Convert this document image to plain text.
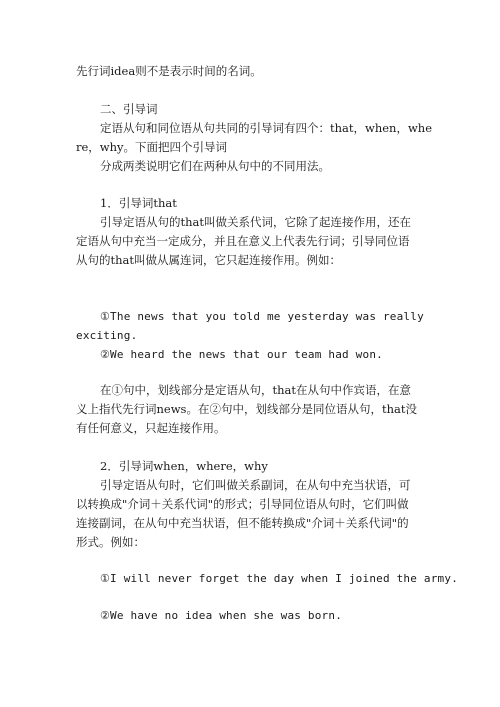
先行词idea则不是表示时间的名词。
二、引导词
定语从句和同位语从句共同的引导词有四个：that，when，whe
re，why。下面把四个引导词
分成两类说明它们在两种从句中的不同用法。
1．引导词that
引导定语从句的that叫做关系代词，它除了起连接作用，还在
定语从句中充当一定成分，并且在意义上代表先行词；引导同位语
从句的that叫做从属连词，它只起连接作用。例如：
①The news that you told me yesterday was really
exciting.
②We heard the news that our team had won.
在①句中，划线部分是定语从句，that在从句中作宾语，在意
义上指代先行词news。在②句中，划线部分是同位语从句，that没
有任何意义，只起连接作用。
2．引导词when，where，why
引导定语从句时，它们叫做关系副词，在从句中充当状语，可
以转换成"介词＋关系代词"的形式；引导同位语从句时，它们叫做
连接副词，在从句中充当状语，但不能转换成"介词＋关系代词"的
形式。例如：
①I will never forget the day when I joined the army.
②We have no idea when she was born.
